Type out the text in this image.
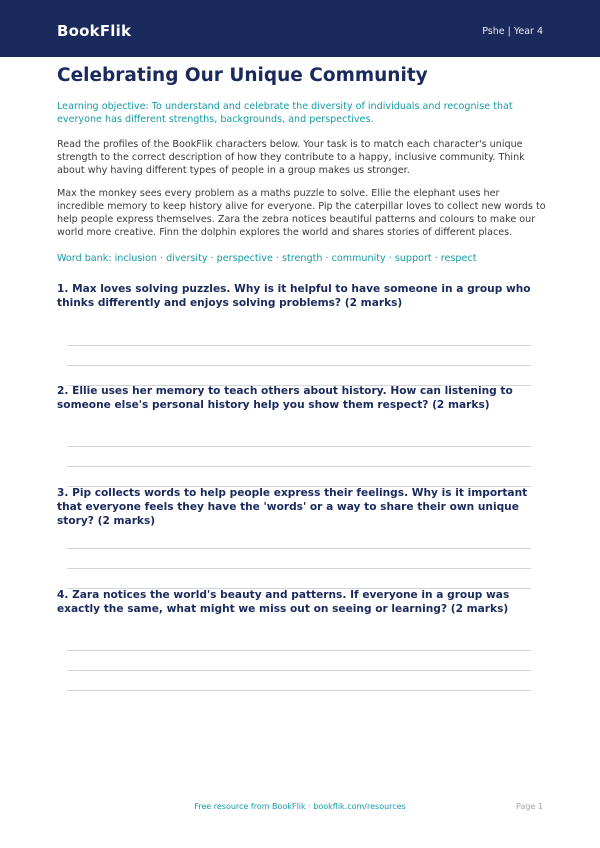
BookFlik	Pshe | Year 4
Celebrating Our Unique Community

Learning objective: To understand and celebrate the diversity of individuals and recognise that everyone has different strengths, backgrounds, and perspectives.

Read the profiles of the BookFlik characters below. Your task is to match each character's unique strength to the correct description of how they contribute to a happy, inclusive community. Think about why having different types of people in a group makes us stronger.

Max the monkey sees every problem as a maths puzzle to solve. Ellie the elephant uses her incredible memory to keep history alive for everyone. Pip the caterpillar loves to collect new words to help people express themselves. Zara the zebra notices beautiful patterns and colours to make our world more creative. Finn the dolphin explores the world and shares stories of different places.

Word bank: inclusion · diversity · perspective · strength · community · support · respect

1. Max loves solving puzzles. Why is it helpful to have someone in a group who thinks differently and enjoys solving problems? (2 marks)

2. Ellie uses her memory to teach others about history. How can listening to someone else's personal history help you show them respect? (2 marks)

3. Pip collects words to help people express their feelings. Why is it important that everyone feels they have the 'words' or a way to share their own unique story? (2 marks)

4. Zara notices the world's beauty and patterns. If everyone in a group was exactly the same, what might we miss out on seeing or learning? (2 marks)

Free resource from BookFlik · bookflik.com/resources	Page 1
